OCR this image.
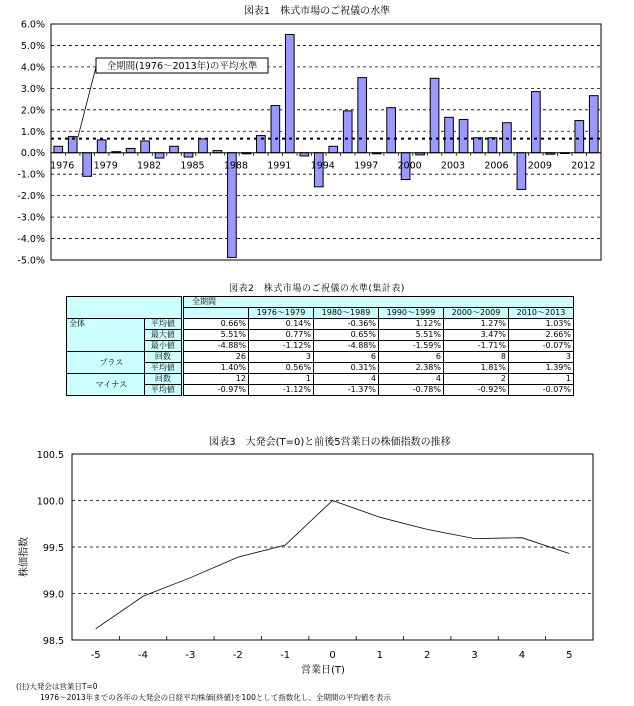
図表1　株式市場のご祝儀の水準
6.0%
5.0%
4.0%
3.0%
2.0%
1.0%
0.0%
-1.0%
-2.0%
-3.0%
-4.0%
-5.0%
1976 1979 1982 1985 1988 1991 1994 1997 2000 2003 2006 2009 2012
全期間(1976～2013年)の平均水準
図表2　株式市場のご祝儀の水準(集計表)
		全期間					
			1976～1979	1980～1989	1990～1999	2000～2009	2010～2013
全体	平均値	0.66%	0.14%	-0.36%	1.12%	1.27%	1.03%
	最大値	5.51%	0.77%	0.65%	5.51%	3.47%	2.66%
	最小値	-4.88%	-1.12%	-4.88%	-1.59%	-1.71%	-0.07%
プラス	回数	26	3	6	6	8	3
	平均値	1.40%	0.56%	0.31%	2.38%	1.81%	1.39%
マイナス	回数	12	1	4	4	2	1
	平均値	-0.97%	-1.12%	-1.37%	-0.78%	-0.92%	-0.07%
図表3　大発会(T=0)と前後5営業日の株価指数の推移
100.5
100.0
99.5
99.0
98.5
-5	-4	-3	-2	-1	0	1	2	3	4	5
株価指数
営業日(T)
(注)大発会は営業日T=0
1976～2013年までの各年の大発会の日経平均株価(終値)を100として指数化し、全期間の平均値を表示
